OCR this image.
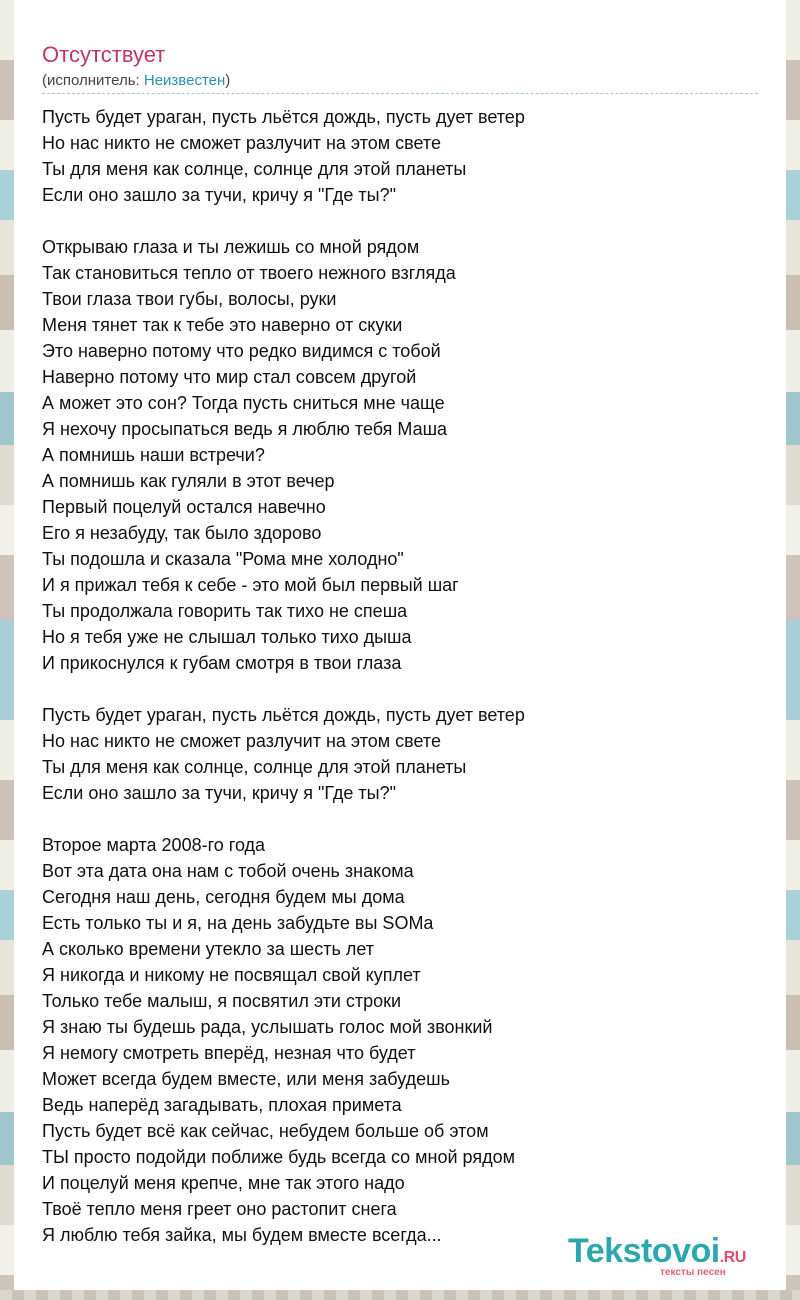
Отсутствует
(исполнитель: Неизвестен)
Пусть будет ураган, пусть льётся дождь, пусть дует ветер
Но нас никто не сможет разлучит на этом свете
Ты для меня как солнце, солнце для этой планеты
Если оно зашло за тучи, кричу я "Где ты?"
Открываю глаза и ты лежишь со мной рядом
Так становиться тепло от твоего нежного взгляда
Твои глаза твои губы, волосы, руки
Меня тянет так к тебе это наверно от скуки
Это наверно потому что редко видимся с тобой
Наверно потому что мир стал совсем другой
А может это сон? Тогда пусть сниться мне чаще
Я нехочу просыпаться ведь я люблю тебя Маша
А помнишь наши встречи?
А помнишь как гуляли в этот вечер
Первый поцелуй остался навечно
Его я незабуду, так было здорово
Ты подошла и сказала "Рома мне холодно"
И я прижал тебя к себе - это мой был первый шаг
Ты продолжала говорить так тихо не спеша
Но я тебя уже не слышал только тихо дыша
И прикоснулся к губам смотря в твои глаза
Пусть будет ураган, пусть льётся дождь, пусть дует ветер
Но нас никто не сможет разлучит на этом свете
Ты для меня как солнце, солнце для этой планеты
Если оно зашло за тучи, кричу я "Где ты?"
Второе марта 2008-го года
Вот эта дата она нам с тобой очень знакома
Сегодня наш день, сегодня будем мы дома
Есть только ты и я, на день забудьте вы SOMa
А сколько времени утекло за шесть лет
Я никогда и никому не посвящал свой куплет
Только тебе малыш, я посвятил эти строки
Я знаю ты будешь рада, услышать голос мой звонкий
Я немогу смотреть вперёд, незная что будет
Может всегда будем вместе, или меня забудешь
Ведь наперёд загадывать, плохая примета
Пусть будет всё как сейчас, небудем больше об этом
ТЫ просто подойди поближе будь всегда со мной рядом
И поцелуй меня крепче, мне так этого надо
Твоё тепло меня греет оно растопит снега
Я люблю тебя зайка, мы будем вместе всегда...	Tekstovoi.RU
тексты песен
